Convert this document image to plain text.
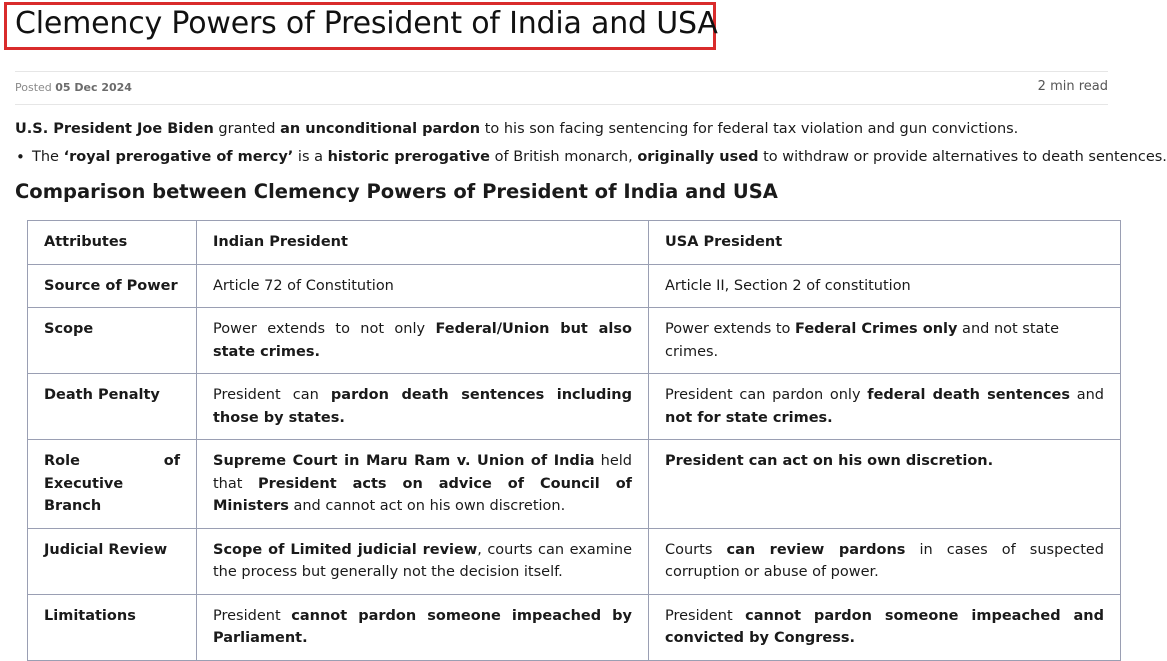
Clemency Powers of President of India and USA
Posted 05 Dec 2024	2 min read

U.S. President Joe Biden granted an unconditional pardon to his son facing sentencing for federal tax violation and gun convictions.

• The ‘royal prerogative of mercy’ is a historic prerogative of British monarch, originally used to withdraw or provide alternatives to death sentences.
Comparison between Clemency Powers of President of India and USA
Attributes	Indian President	USA President
Source of Power	Article 72 of Constitution	Article II, Section 2 of constitution
Scope	Power extends to not only Federal/Union but also state crimes.	Power extends to Federal Crimes only and not state crimes.
Death Penalty	President can pardon death sentences including those by states.	President can pardon only federal death sentences and not for state crimes.
Role of Executive Branch	Supreme Court in Maru Ram v. Union of India held that President acts on advice of Council of Ministers and cannot act on his own discretion.	President can act on his own discretion.
Judicial Review	Scope of Limited judicial review, courts can examine the process but generally not the decision itself.	Courts can review pardons in cases of suspected corruption or abuse of power.
Limitations	President cannot pardon someone impeached by Parliament.	President cannot pardon someone impeached and convicted by Congress.
